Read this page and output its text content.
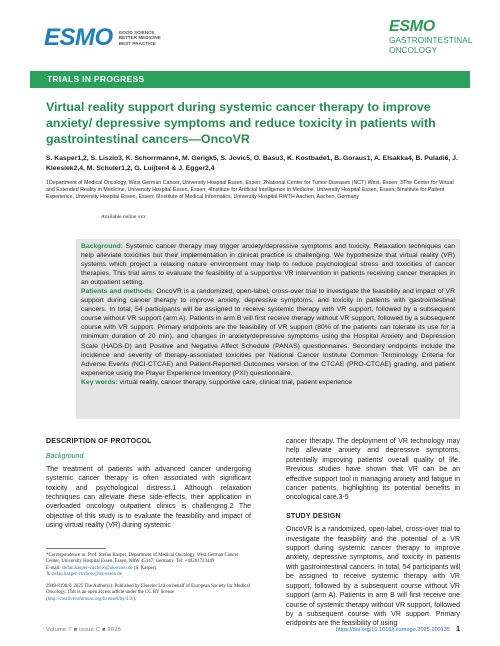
ESMO GOOD SCIENCE
BETTER MEDICINE
BEST PRACTICE
ESMO
GASTROINTESTINAL
ONCOLOGY
TRIALS IN PROGRESS
Virtual reality support during systemic cancer therapy to improve anxiety/ depressive symptoms and reduce toxicity in patients with gastrointestinal cancers—OncoVR
S. Kasper1,2, S. Liszio3, K. Schorrmann4, M. Gerigk5, S. Jovic5, O. Basu3, K. Kostbade1, B. Goraus1, A. Elsakka4, B. Puladi6, J. Kleesiek2,4, M. Schuler1,2, G. Luijten4 & J. Egger2,4
1Department of Medical Oncology, West German Cancer, University Hospital Essen, Essen; 2National Center for Tumor Diseases (NCT) West, Essen; 3The Center for Virtual and Extended Reality in Medicine, University Hospital Essen, Essen; 4Institute for Artificial Intelligence in Medicine, University Hospital Essen, Essen; 5Institute for Patient Experience, University Hospital Essen, Essen; 6Institute of Medical Informatics, University Hospital RWTH Aachen, Aachen, Germany
Available online xxx
Background: Systemic cancer therapy may trigger anxiety/depressive symptoms and toxicity. Relaxation techniques can help alleviate toxicities but their implementation in clinical practice is challenging. We hypothesize that virtual reality (VR) systems which project a relaxing nature environment may help to reduce psychological stress and toxicities of cancer therapies. This trial aims to evaluate the feasibility of a supportive VR intervention in patients receiving cancer therapies in an outpatient setting.
Patients and methods: OncoVR is a randomized, open-label, cross-over trial to investigate the feasibility and impact of VR support during cancer therapy to improve anxiety, depressive symptoms, and toxicity in patients with gastrointestinal cancers. In total, 54 participants will be assigned to receive systemic therapy with VR support, followed by a subsequent course without VR support (arm A). Patients in arm B will first receive therapy without VR support, followed by a subsequent course with VR support. Primary endpoints are the feasibility of VR support (80% of the patients can tolerate its use for a minimum duration of 20 min), and changes in anxiety/depressive symptoms using the Hospital Anxiety and Depression Scale (HADS-D) and Positive and Negative Affect Schedule (PANAS) questionnaires. Secondary endpoints include the incidence and severity of therapy-associated toxicities per National Cancer Institute Common Terminology Criteria for Adverse Events (NCI-CTCAE) and Patient-Reported Outcomes version of the CTCAE (PRO-CTCAE) grading, and patient experience using the Player Experience Inventory (PXI) questionnaire.
Key words: virtual reality, cancer therapy, supportive care, clinical trial, patient experience
DESCRIPTION OF PROTOCOL
Background
The treatment of patients with advanced cancer undergoing systemic cancer therapy is often associated with significant toxicity and psychological distress.1 Although relaxation techniques can alleviate these side-effects, their application in overloaded oncology outpatient clinics is challenging.2 The objective of this study is to evaluate the feasibility and impact of using virtual reality (VR) during systemic
cancer therapy. The deployment of VR technology may help alleviate anxiety and depressive symptoms, potentially improving patients’ overall quality of life. Previous studies have shown that VR can be an effective support tool in managing anxiety and fatigue in cancer patients, highlighting its potential benefits in oncological care.3-5
STUDY DESIGN
OncoVR is a randomized, open-label, cross-over trial to investigate the feasibility and the potential of a VR support during systemic cancer therapy to improve anxiety, depressive symptoms, and toxicity in patients with gastrointestinal cancers. In total, 54 participants will be assigned to receive systemic therapy with VR support, followed by a subsequent course without VR support (arm A). Patients in arm B will first receive one course of systemic therapy without VR support, followed by a subsequent course with VR support. Primary endpoints are the feasibility of using
*Correspondence to: Prof. Stefan Kasper, Department of Medical Oncology, West German Cancer Center, University Hospital Essen, Essen, NRW 45147, Germany. Tel: +49201723449
E-mail: stefan.kasper-virchow@uk-essen.de (S. Kasper).
𝕏 stefan.kasper-virchow@uk-essen.de
2949-8198/© 2025 The Author(s). Published by Elsevier Ltd on behalf of European Society for Medical Oncology. This is an open access article under the CC BY license (http://creativecommons.org/licenses/by/4.0/).
Volume 7 ■ Issue C ■ 2025	https://doi.org/10.1016/j.esmogo.2025.100135 1
